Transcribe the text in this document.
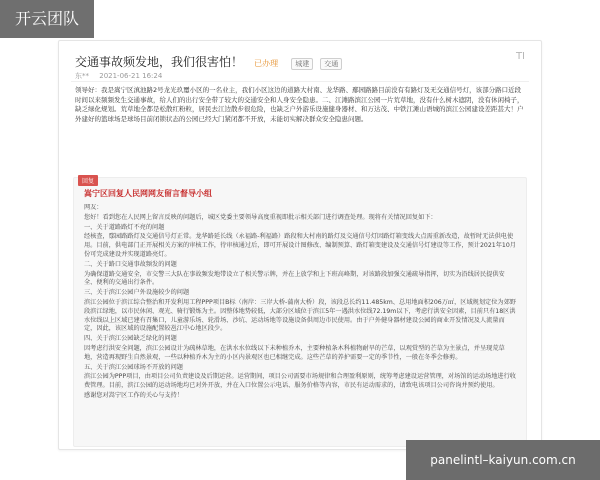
开云团队
交通事故频发地，我们很害怕！ 已办理 城建 交通
TI
东** 2021-06-21 16:24

领导好：我是嵩宁区滇池路2号龙光玖璽小区的一名业主，我们小区这边的道路大村南、龙华路、鄢园路路目前没有有路灯及无交通信号灯，该部分路口近段时间以来频频发生交通事故，给人们的出行安全带了较大的交通安全和人身安全隐患。二、江滩路滨江公园一片荒草地，没有什么树木遮阴，没有休闲椅子，缺乏绿化规划。荒草地全都是松散红粉粒，居民去江边散步很危险，也缺乏户外游乐设施健身器材、和万达茂、中铁江滩山语城的滨江公园建设差距甚大！户外建好的篮球场是球场目前闭锁状态的公园已经大门紧闭都不开放，未能切实解决群众安全隐患问题。

回复
嵩宁区回复人民网网友留言督导小组

网友：

您好！看到您在人民网上留言反映的问题后，城区党委主要领导高度重视即批示相关部门进行调查处理。现将有关情况回复如下：

一、关于道路路灯不亮的问题

经核查，鄢园路路灯及交通信号灯正常。龙华路延长线（永福路-利福路）路段和大村南的路灯及交通信号灯因路灯箱变线大点需重新改造，故暂时无法供电使用。目前，供电部门正开展相关方案的审核工作，待审核通过后，即可开展设计图修改、编制预算、路灯箱变建设及交通信号灯建设等工作，预计2021年10月份可完成建设并实现道路亮灯。

二、关于路口交通事故频发的问题

为确保道路交通安全，市交警三大队在事故频发地带设立了相关警示牌，并在上放学和上下班高峰期，对该路段加强交通疏导指挥，切实为沿线居民提供安全、便利的交通出行条件。

三、关于滨江公园户外设施较少的问题

滨江公园位于滨江综合整治和开发利用工程PPP项目B标（南岸：三岸大桥-蒲南大桥）段，该段总长约11.485km、总用地面积206万㎡，区域规划定位为郊野段滨江绿地，以市民休闲、观光、骑行锻炼为主。因整体地势较低，大部分区域位于滨江5年一遇洪水位线72.19m以下，考虑行洪安全因素，目前只有18区洪水位线以上区域已建有召集口，儿童游乐场、轮滑场、沙坑、运动场地等设施设备供周边市民使用。由于户外健身器材建设公园的商业开发情况及人流量而定，因此，该区域的设施配置较邕江中心地区段少。

四、关于滨江公园缺乏绿化的问题

因考虑行洪安全问题，滨江公园设计为疏林草地，在洪水水位线以下未种植乔木，主要种植条木科植物耐旱的芒草，以观赏型的芒草为主景点，并呈现荒草地，营造再现野生自然景观，一些以种植乔木为主的小区内景观区也已相继完成。这些芒草的养护需要一定的季节性，一般在冬季会修剪。

五、关于滨江公园球场不开放的问题

滨江公园为PPP项目，由项目公司负责建设及后期运营。运营期间，项目公司需要市场规律和合理盈利原则，统筹考虑建设运营管理，对场馆的运动场地进行收费管理。目前，滨江公园的运动场地均已对外开放，并在入口位置公示电话、服务价格等内容，市民有运动需求的，请致电该项目公司咨询并预约使用。

感谢您对嵩宁区工作的关心与支持！

panelintl–kaiyun.com.cn
